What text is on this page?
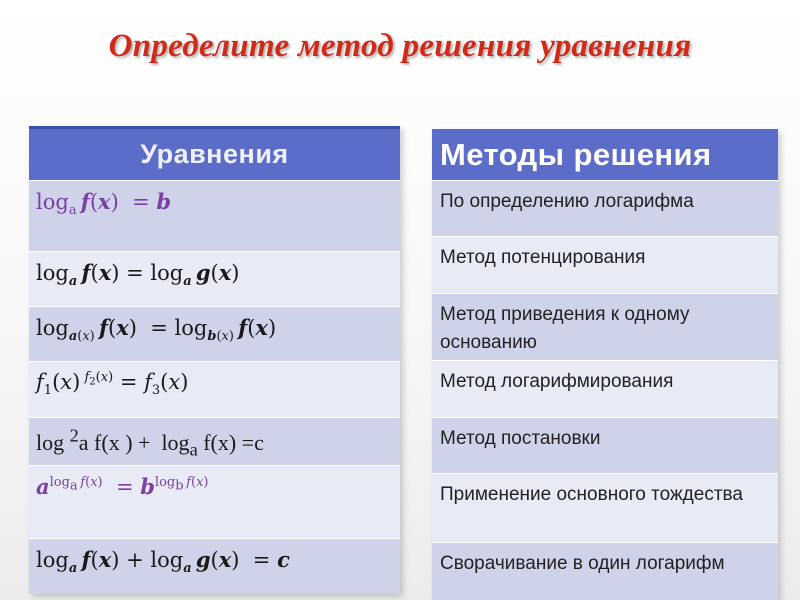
Определите метод решения уравнения
Уравнения
$\log_a f(x) = b$
$\log_a f(x) = \log_a g(x)$
$\log_{a(x)} f(x) = \log_{b(x)} f(x)$
$f_1(x) ^{f_2(x)} = f_3(x)$
log $^2$a f(x ) +  $\log_a f(x) =c$
$a^{log_a f(x)} = b^{log_b f(x)}$
$\log_a f(x) + \log_a g(x) = c$
Методы решения
По определению логарифма
Метод потенцирования
Метод приведения к одному основанию
Метод логарифмирования
Метод постановки
Применение основного тождества
Сворачивание в один логарифм
